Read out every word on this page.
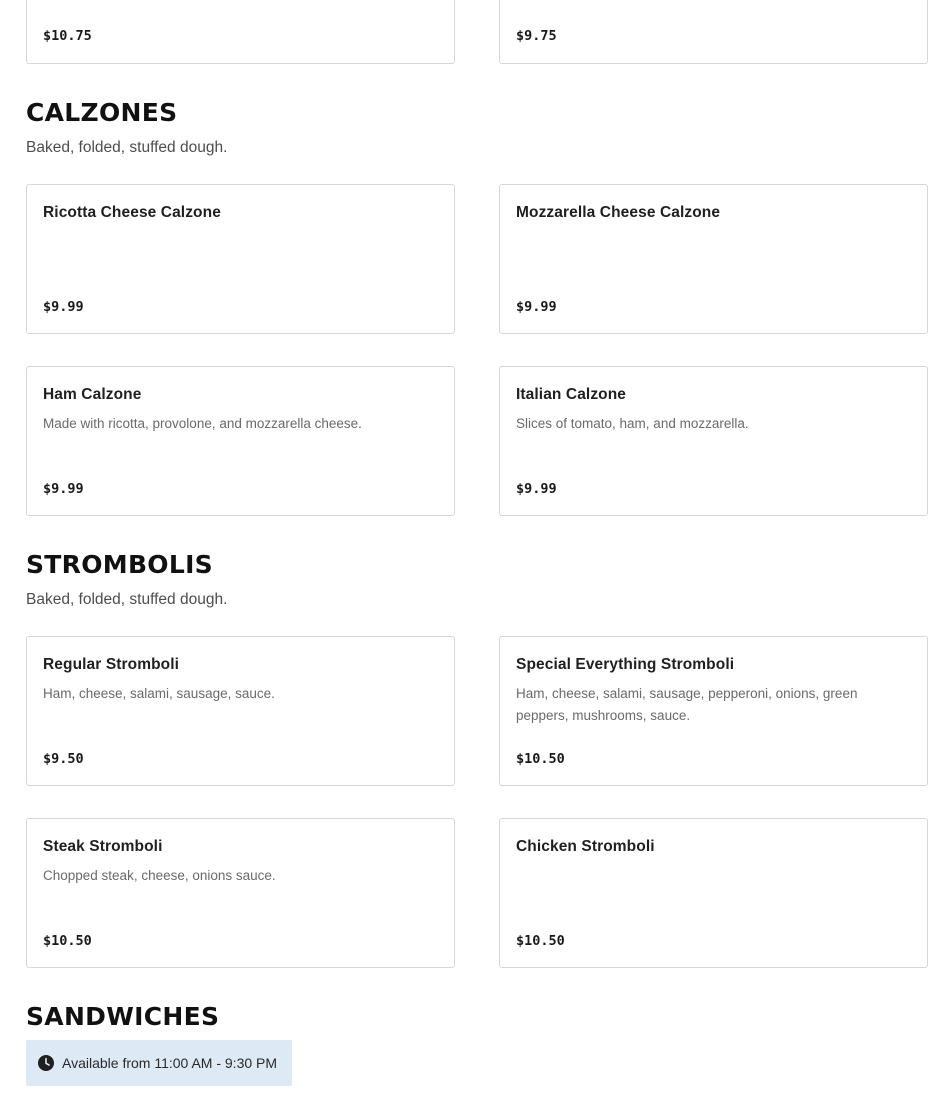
$10.75	$9.75
CALZONES
Baked, folded, stuffed dough.
Ricotta Cheese Calzone
$9.99
Mozzarella Cheese Calzone
$9.99
Ham Calzone
Made with ricotta, provolone, and mozzarella cheese.
$9.99
Italian Calzone
Slices of tomato, ham, and mozzarella.
$9.99
STROMBOLIS
Baked, folded, stuffed dough.
Regular Stromboli
Ham, cheese, salami, sausage, sauce.
$9.50
Special Everything Stromboli
Ham, cheese, salami, sausage, pepperoni, onions, green peppers, mushrooms, sauce.
$10.50
Steak Stromboli
Chopped steak, cheese, onions sauce.
$10.50
Chicken Stromboli
$10.50
SANDWICHES
Available from 11:00 AM - 9:30 PM
